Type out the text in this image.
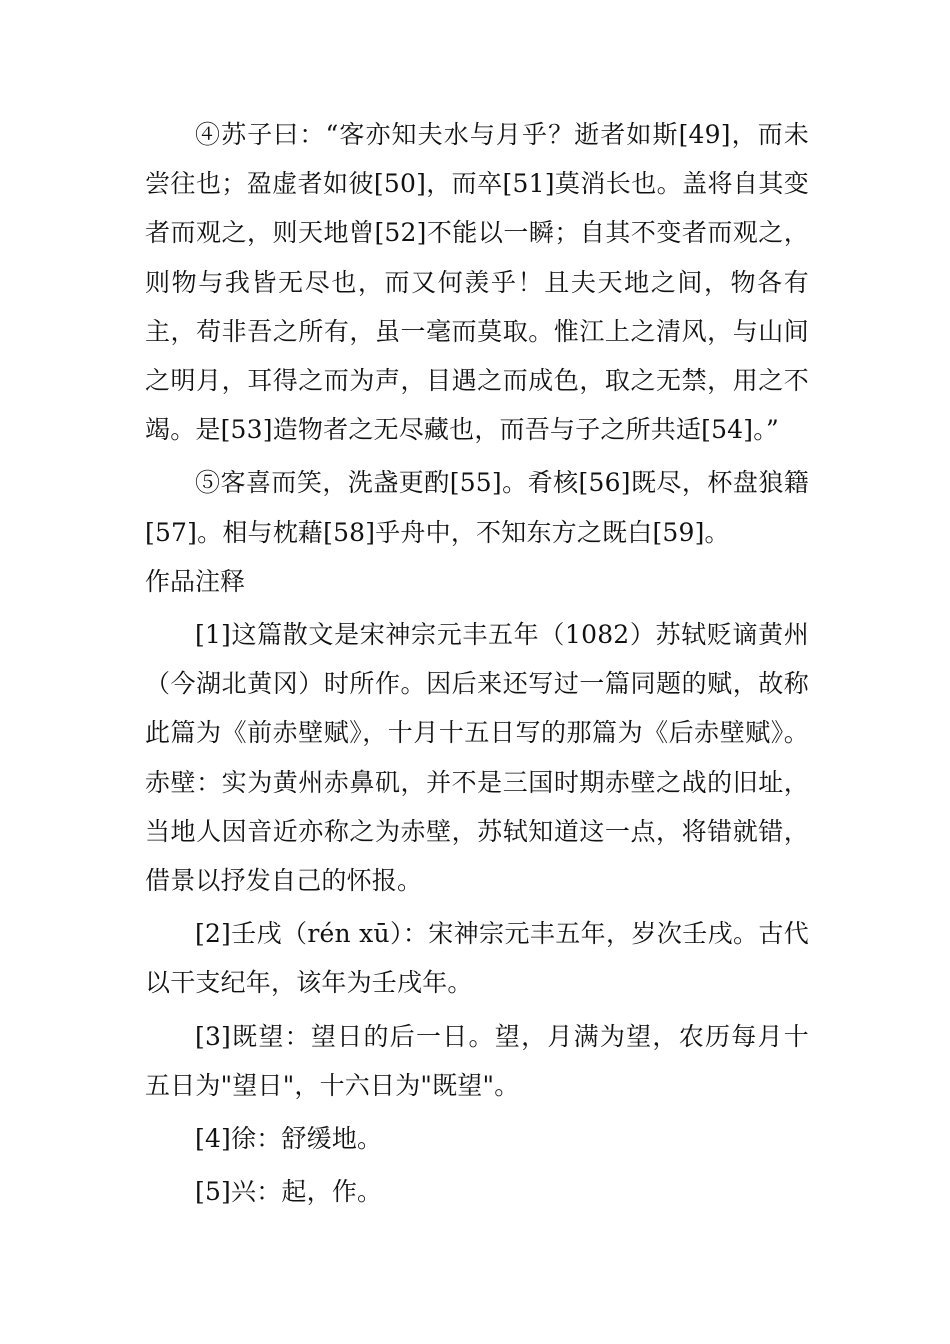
④苏子曰：“客亦知夫水与月乎？逝者如斯[49]，而未尝往也；盈虚者如彼[50]，而卒[51]莫消长也。盖将自其变者而观之，则天地曾[52]不能以一瞬；自其不变者而观之，则物与我皆无尽也，而又何羡乎！且夫天地之间，物各有主，苟非吾之所有，虽一毫而莫取。惟江上之清风，与山间之明月，耳得之而为声，目遇之而成色，取之无禁，用之不竭。是[53]造物者之无尽藏也，而吾与子之所共适[54]。”

⑤客喜而笑，洗盏更酌[55]。肴核[56]既尽，杯盘狼籍[57]。相与枕藉[58]乎舟中，不知东方之既白[59]。

作品注释

[1]这篇散文是宋神宗元丰五年（1082）苏轼贬谪黄州（今湖北黄冈）时所作。因后来还写过一篇同题的赋，故称此篇为《前赤壁赋》，十月十五日写的那篇为《后赤壁赋》。赤壁：实为黄州赤鼻矶，并不是三国时期赤壁之战的旧址，当地人因音近亦称之为赤壁，苏轼知道这一点，将错就错，借景以抒发自己的怀报。

[2]壬戌（rén xū）：宋神宗元丰五年，岁次壬戌。古代以干支纪年，该年为壬戌年。

[3]既望：望日的后一日。望，月满为望，农历每月十五日为"望日"，十六日为"既望"。

[4]徐：舒缓地。

[5]兴：起，作。
